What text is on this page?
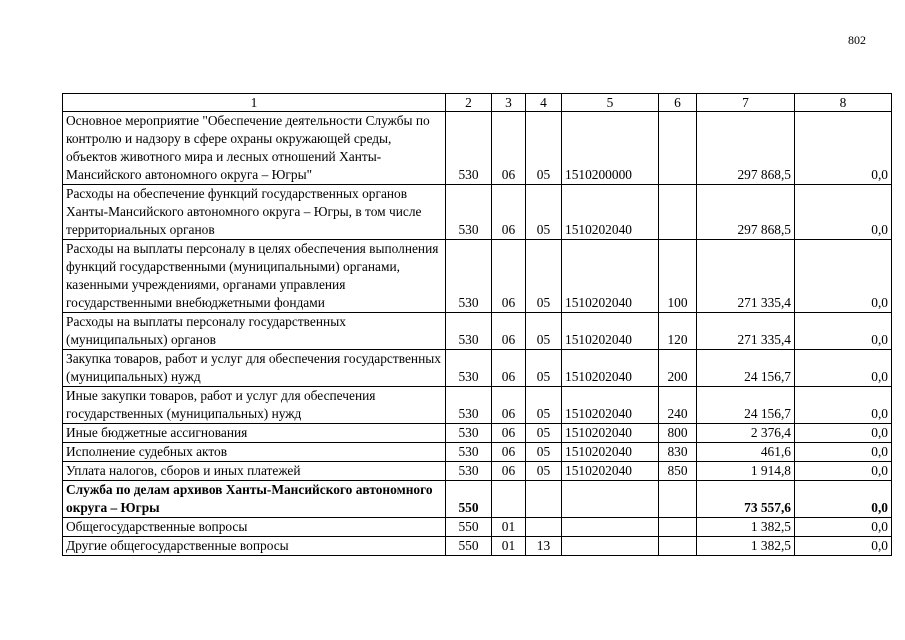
802
1	2	3	4	5	6	7	8
Основное мероприятие "Обеспечение деятельности Службы по контролю и надзору в сфере охраны окружающей среды, объектов животного мира и лесных отношений Ханты-Мансийского автономного округа – Югры"	530	06	05	1510200000		297 868,5	0,0
Расходы на обеспечение функций государственных органов Ханты-Мансийского автономного округа – Югры, в том числе территориальных органов	530	06	05	1510202040		297 868,5	0,0
Расходы на выплаты персоналу в целях обеспечения выполнения функций государственными (муниципальными) органами, казенными учреждениями, органами управления государственными внебюджетными фондами	530	06	05	1510202040	100	271 335,4	0,0
Расходы на выплаты персоналу государственных (муниципальных) органов	530	06	05	1510202040	120	271 335,4	0,0
Закупка товаров, работ и услуг для обеспечения государственных (муниципальных) нужд	530	06	05	1510202040	200	24 156,7	0,0
Иные закупки товаров, работ и услуг для обеспечения государственных (муниципальных) нужд	530	06	05	1510202040	240	24 156,7	0,0
Иные бюджетные ассигнования	530	06	05	1510202040	800	2 376,4	0,0
Исполнение судебных актов	530	06	05	1510202040	830	461,6	0,0
Уплата налогов, сборов и иных платежей	530	06	05	1510202040	850	1 914,8	0,0
Служба по делам архивов Ханты-Мансийского автономного округа – Югры	550					73 557,6	0,0
Общегосударственные вопросы	550	01				1 382,5	0,0
Другие общегосударственные вопросы	550	01	13			1 382,5	0,0
